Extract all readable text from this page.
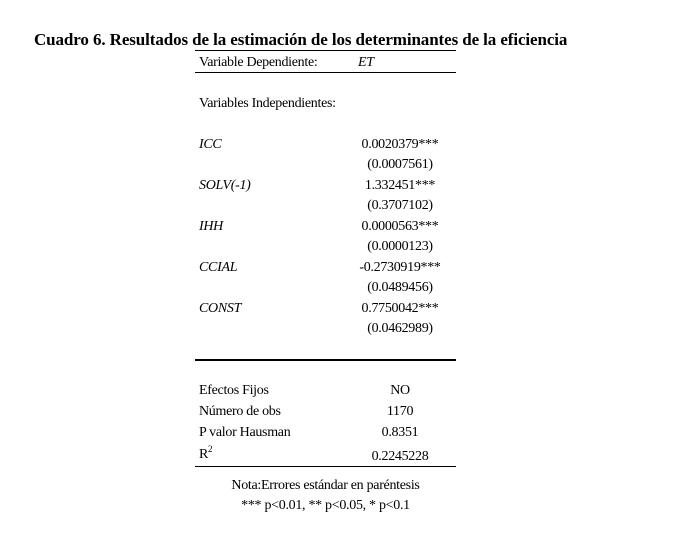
Cuadro 6. Resultados de la estimación de los determinantes de la eficiencia
Variable Dependiente:	ET
Variables Independientes:
ICC	0.0020379***
(0.0007561)
SOLV(-1)	1.332451***
(0.3707102)
IHH	0.0000563***
(0.0000123)
CCIAL	-0.2730919***
(0.0489456)
CONST	0.7750042***
(0.0462989)
Efectos Fijos	NO
Número de obs	1170
P valor Hausman	0.8351
$R^2$	0.2245228
Nota:Errores estándar en paréntesis
*** p<0.01, ** p<0.05, * p<0.1
